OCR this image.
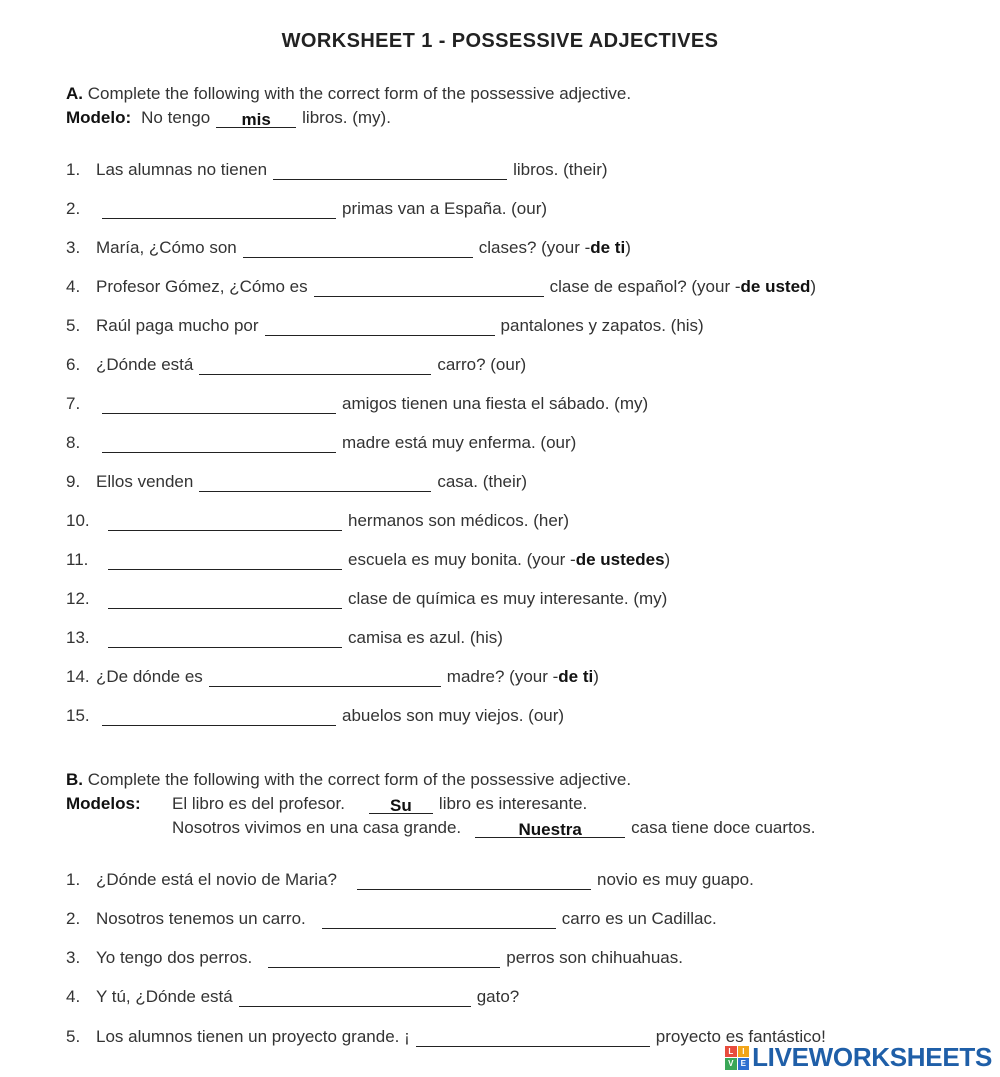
WORKSHEET 1 - POSSESSIVE ADJECTIVES
A. Complete the following with the correct form of the possessive adjective.
Modelo: No tengo	mis	libros. (my).
1. Las alumnas no tienen	libros. (their)
2.	primas van a España. (our)
3. María, ¿Cómo son	clases? (your - de ti )
4. Profesor Gómez, ¿Cómo es	clase de español? (your - de usted )
5. Raúl paga mucho por	pantalones y zapatos. (his)
6. ¿Dónde está	carro? (our)
7.	amigos tienen una fiesta el sábado. (my)
8.	madre está muy enferma. (our)
9. Ellos venden	casa. (their)
10.	hermanos son médicos. (her)
11.	escuela es muy bonita. (your - de ustedes )
12.	clase de química es muy interesante. (my)
13.	camisa es azul. (his)
14. ¿De dónde es	madre? (your - de ti )
15.	abuelos son muy viejos. (our)
B. Complete the following with the correct form of the possessive adjective.
Modelos:	El libro es del profesor.	Su	libro es interesante.
Nosotros vivimos en una casa grande.	Nuestra	casa tiene doce cuartos.
1. ¿Dónde está el novio de Maria?	novio es muy guapo.
2. Nosotros tenemos un carro.	carro es un Cadillac.
3. Yo tengo dos perros.	perros son chihuahuas.
4. Y tú, ¿Dónde está	gato?
5. Los alumnos tienen un proyecto grande. ¡	proyecto es fantástico!
L	I
V E LIVEWORKSHEETS
